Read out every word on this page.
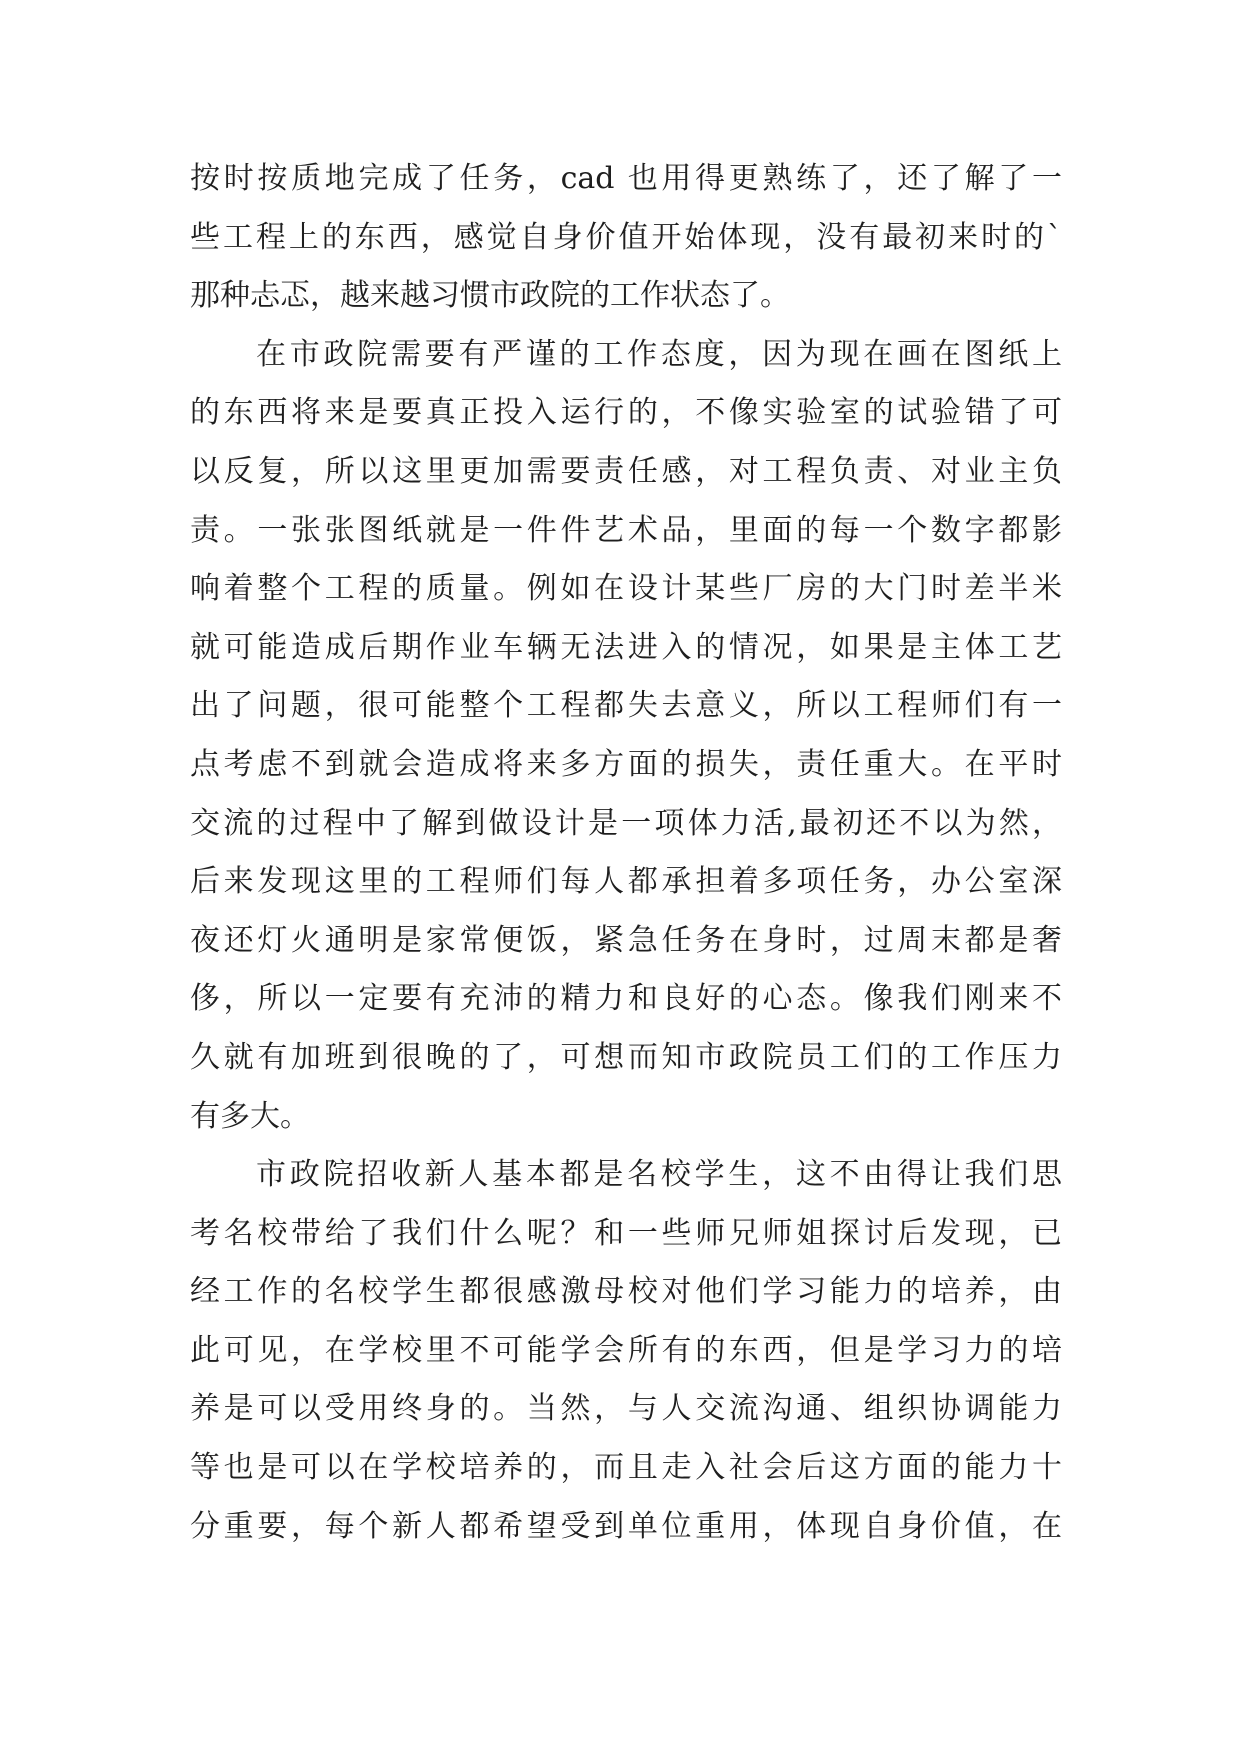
按时按质地完成了任务，cad 也用得更熟练了，还了解了一
些工程上的东西，感觉自身价值开始体现，没有最初来时的`
那种忐忑，越来越习惯市政院的工作状态了。
在市政院需要有严谨的工作态度，因为现在画在图纸上
的东西将来是要真正投入运行的，不像实验室的试验错了可
以反复，所以这里更加需要责任感，对工程负责、对业主负
责。一张张图纸就是一件件艺术品，里面的每一个数字都影
响着整个工程的质量。例如在设计某些厂房的大门时差半米
就可能造成后期作业车辆无法进入的情况，如果是主体工艺
出了问题，很可能整个工程都失去意义，所以工程师们有一
点考虑不到就会造成将来多方面的损失，责任重大。在平时
交流的过程中了解到做设计是一项体力活,最初还不以为然，
后来发现这里的工程师们每人都承担着多项任务，办公室深
夜还灯火通明是家常便饭，紧急任务在身时，过周末都是奢
侈，所以一定要有充沛的精力和良好的心态。像我们刚来不
久就有加班到很晚的了，可想而知市政院员工们的工作压力
有多大。
市政院招收新人基本都是名校学生，这不由得让我们思
考名校带给了我们什么呢？和一些师兄师姐探讨后发现，已
经工作的名校学生都很感激母校对他们学习能力的培养，由
此可见，在学校里不可能学会所有的东西，但是学习力的培
养是可以受用终身的。当然，与人交流沟通、组织协调能力
等也是可以在学校培养的，而且走入社会后这方面的能力十
分重要，每个新人都希望受到单位重用，体现自身价值，在
